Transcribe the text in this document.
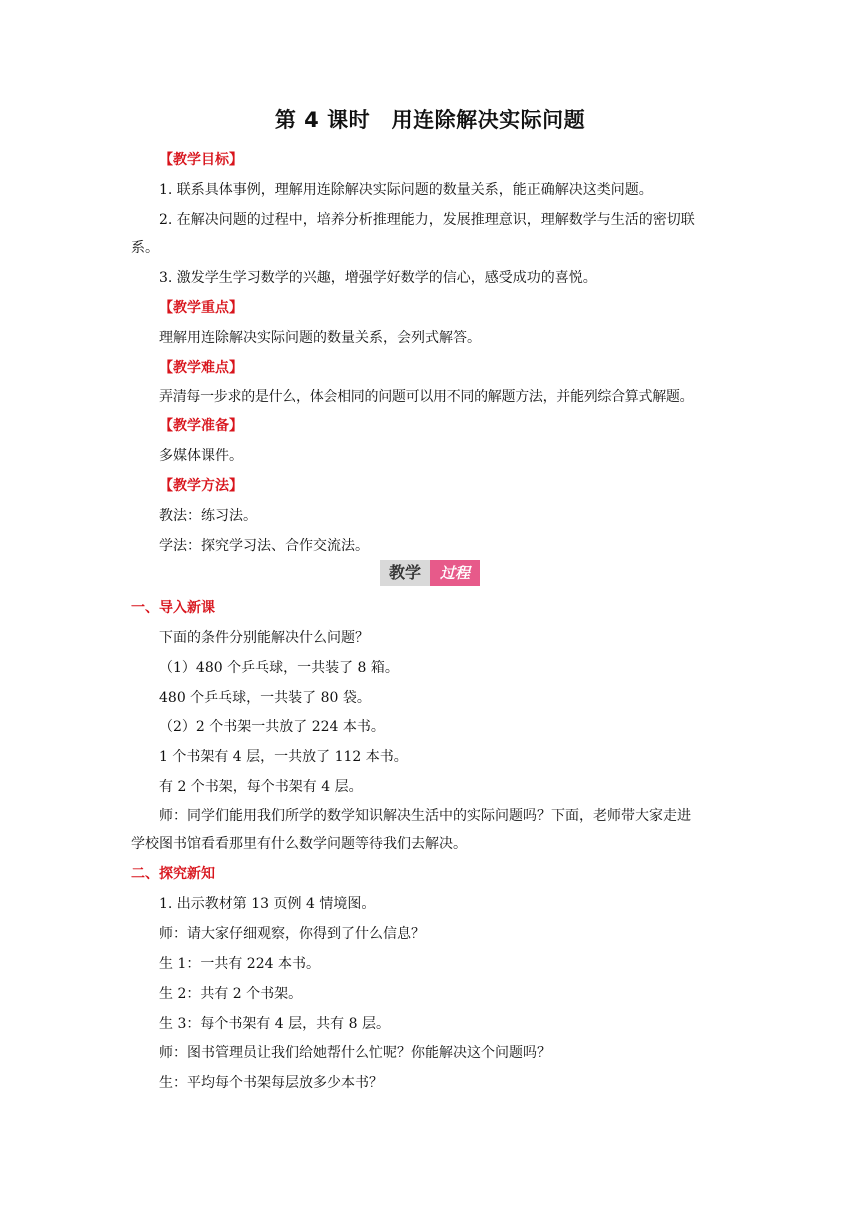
第 4 课时　用连除解决实际问题
【教学目标】
1. 联系具体事例，理解用连除解决实际问题的数量关系，能正确解决这类问题。
2. 在解决问题的过程中，培养分析推理能力，发展推理意识，理解数学与生活的密切联
系。
3. 激发学生学习数学的兴趣，增强学好数学的信心，感受成功的喜悦。
【教学重点】
理解用连除解决实际问题的数量关系，会列式解答。
【教学难点】
弄清每一步求的是什么，体会相同的问题可以用不同的解题方法，并能列综合算式解题。
【教学准备】
多媒体课件。
【教学方法】
教法：练习法。
学法：探究学习法、合作交流法。
教学	过程
一、导入新课
下面的条件分别能解决什么问题？
（1）480 个乒乓球，一共装了 8 箱。
480 个乒乓球，一共装了 80 袋。
（2）2 个书架一共放了 224 本书。
1 个书架有 4 层，一共放了 112 本书。
有 2 个书架，每个书架有 4 层。
师：同学们能用我们所学的数学知识解决生活中的实际问题吗？下面，老师带大家走进
学校图书馆看看那里有什么数学问题等待我们去解决。
二、探究新知
1. 出示教材第 13 页例 4 情境图。
师：请大家仔细观察，你得到了什么信息？
生 1：一共有 224 本书。
生 2：共有 2 个书架。
生 3：每个书架有 4 层，共有 8 层。
师：图书管理员让我们给她帮什么忙呢？你能解决这个问题吗？
生：平均每个书架每层放多少本书？
